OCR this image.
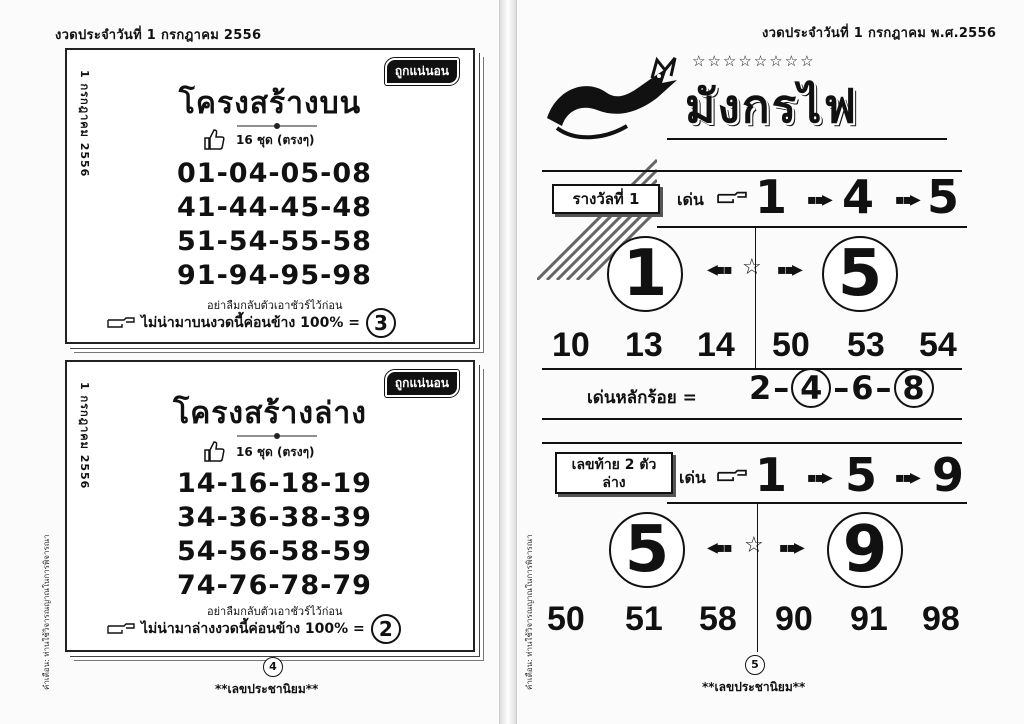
งวดประจำวันที่ 1 กรกฎาคม 2556
คำเตือน: ท่านใช้วิจารณญาณในการพิจารณา
1 กรกฎาคม 2556	ถูกแน่นอน
โครงสร้างบน
16 ชุด (ตรงๆ)
01-04-05-08
41-44-45-48
51-54-55-58
91-94-95-98
อย่าลืมกลับตัวเอาชัวร์ไว้ก่อน
ไม่น่ามาบนงวดนี้ค่อนข้าง 100% = 3
1 กรกฎาคม 2556	ถูกแน่นอน
โครงสร้างล่าง
16 ชุด (ตรงๆ)
14-16-18-19
34-36-38-39
54-56-58-59
74-76-78-79
อย่าลืมกลับตัวเอาชัวร์ไว้ก่อน
ไม่น่ามาล่างงวดนี้ค่อนข้าง 100% = 2
4
**เลขประชานิยม**
งวดประจำวันที่ 1 กรกฎาคม พ.ศ.2556
คำเตือน: ท่านใช้วิจารณญาณในการพิจารณา
☆☆☆☆☆☆☆☆
มังกรไฟ
รางวัลที่ 1	เด่น 1 ▪▪▶ 4 ▪▪▶ 5
1	◀▪▪ ☆ ▪▪▶ 5
10 13 14 50 53 54
เด่นหลักร้อย = 2 – 4 – 6 – 8
เลขท้าย 2 ตัว
ล่าง	เด่น 1 ▪▪▶ 5 ▪▪▶ 9
5	◀▪▪ ☆ ▪▪▶ 9
50 51 58 90 91 98
5
**เลขประชานิยม**
